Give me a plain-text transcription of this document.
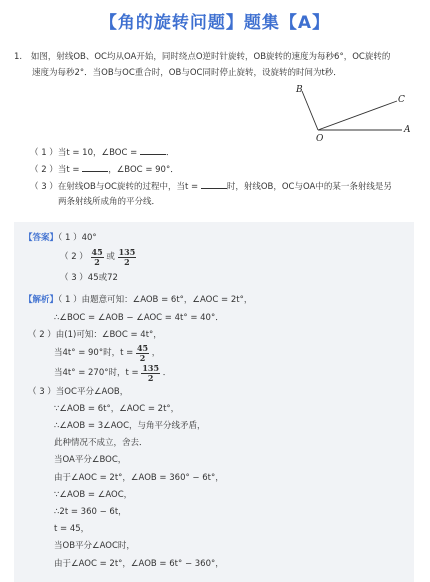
【角的旋转问题】题集【A】
1. 如图，射线OB、OC均从OA开始，同时绕点O逆时针旋转，OB旋转的速度为每秒6°，OC旋转的
速度为每秒2°．当OB与OC重合时，OB与OC同时停止旋转，设旋转的时间为t秒．
B
C
O
A
（ 1 ）当t = 10，∠BOC =	．
（ 2 ）当t =	，∠BOC = 90°．
（ 3 ）在射线OB与OC旋转的过程中，当t =	时，射线OB，OC与OA中的某一条射线是另
两条射线所成角的平分线．
【答案】（ 1 ）40°
（ 2 ） $\frac{45}{2}$ 或 $\frac{135}{2}$
（ 3 ）45或72
【解析】（ 1 ）由题意可知：∠AOB = 6t°，∠AOC = 2t°，
∴∠BOC = ∠AOB − ∠AOC = 4t° = 40°．
（ 2 ）由(1)可知：∠BOC = 4t°，
当4t° = 90°时，$t = \frac{45}{2}$ ，
当4t° = 270°时，$t = \frac{135}{2}$ ．
（ 3 ）当OC平分∠AOB，
∵∠AOB = 6t°，∠AOC = 2t°，
∴∠AOB = 3∠AOC，与角平分线矛盾，
此种情况不成立，舍去．
当OA平分∠BOC，
由于∠AOC = 2t°，∠AOB = 360° − 6t°，
∵∠AOB = ∠AOC，
∴2t = 360 − 6t，
t = 45，
当OB平分∠AOC时，
由于∠AOC = 2t°，∠AOB = 6t° − 360°，
